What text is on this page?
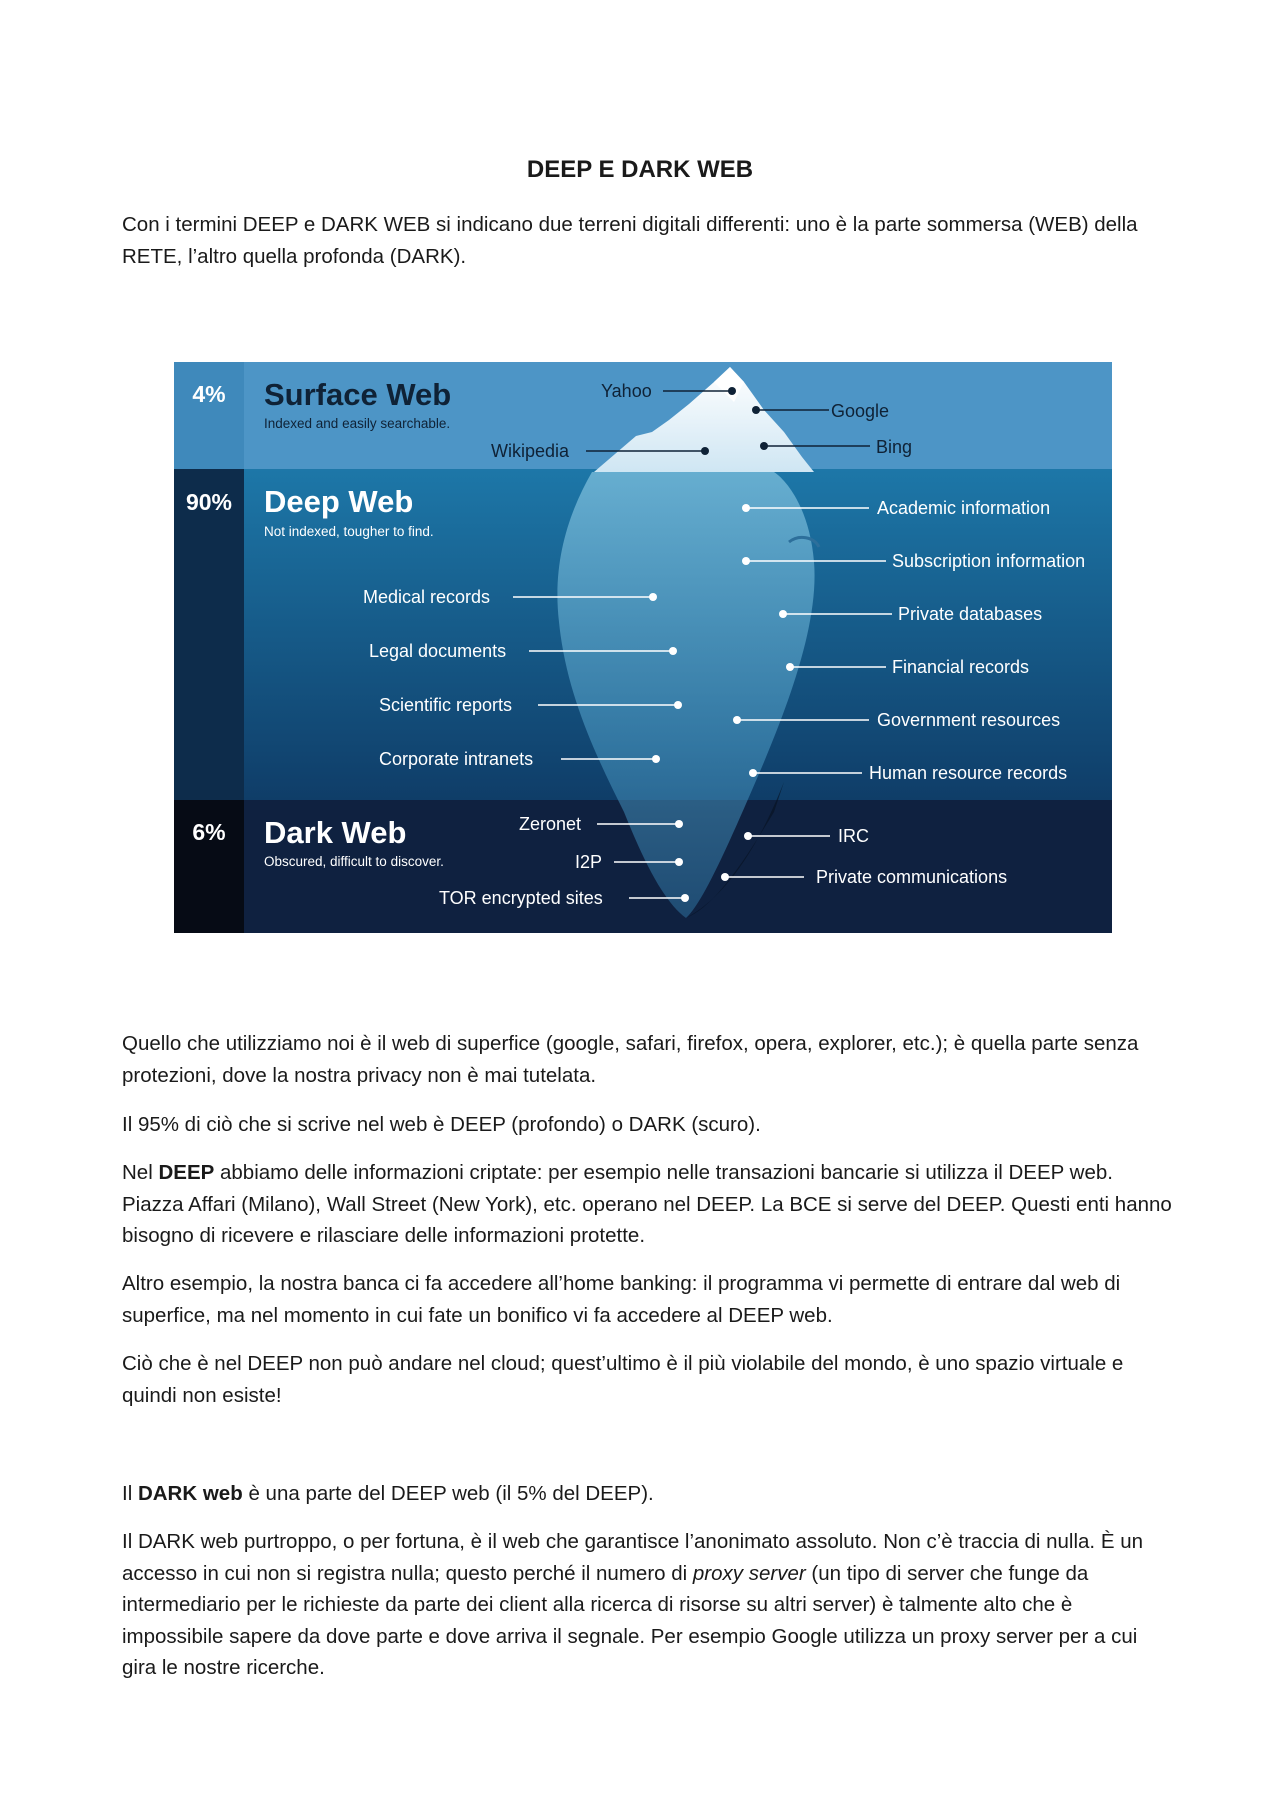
DEEP E DARK WEB

Con i termini DEEP e DARK WEB si indicano due terreni digitali differenti: uno è la parte sommersa (WEB) della RETE, l’altro quella profonda (DARK).

4%
90%
6%
Surface Web
Indexed and easily searchable.
Deep Web
Not indexed, tougher to find.
Dark Web
Obscured, difficult to discover.
Yahoo
Google
Wikipedia	Bing
Medical records
Legal documents
Scientific reports
Corporate intranets
Academic information
Subscription information
Private databases
Financial records
Government resources
Human resource records
Zeronet
I2P
TOR encrypted sites
IRC
Private communications

Quello che utilizziamo noi è il web di superfice (google, safari, firefox, opera, explorer, etc.); è quella parte senza protezioni, dove la nostra privacy non è mai tutelata.

Il 95% di ciò che si scrive nel web è DEEP (profondo) o DARK (scuro).

Nel DEEP abbiamo delle informazioni criptate: per esempio nelle transazioni bancarie si utilizza il DEEP web. Piazza Affari (Milano), Wall Street (New York), etc. operano nel DEEP. La BCE si serve del DEEP. Questi enti hanno bisogno di ricevere e rilasciare delle informazioni protette.

Altro esempio, la nostra banca ci fa accedere all’home banking: il programma vi permette di entrare dal web di superfice, ma nel momento in cui fate un bonifico vi fa accedere al DEEP web.

Ciò che è nel DEEP non può andare nel cloud; quest’ultimo è il più violabile del mondo, è uno spazio virtuale e quindi non esiste!

Il DARK web è una parte del DEEP web (il 5% del DEEP).

Il DARK web purtroppo, o per fortuna, è il web che garantisce l’anonimato assoluto. Non c’è traccia di nulla. È un accesso in cui non si registra nulla; questo perché il numero di proxy server (un tipo di server che funge da intermediario per le richieste da parte dei client alla ricerca di risorse su altri server) è talmente alto che è impossibile sapere da dove parte e dove arriva il segnale. Per esempio Google utilizza un proxy server per a cui gira le nostre ricerche.
